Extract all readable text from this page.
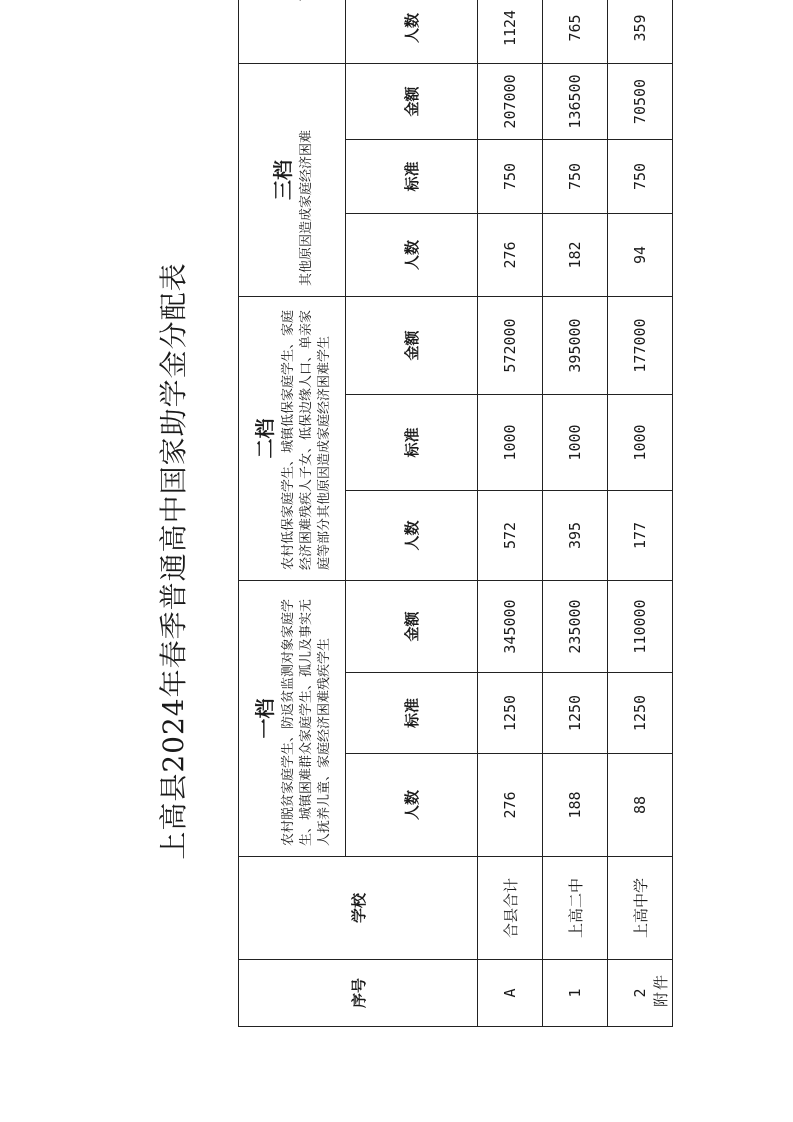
附件
上高县2024年春季普通高中国家助学金分配表
序号	学校	一档 农村脱贫家庭学生、防返贫监测对象家庭学生、城镇困难群众家庭学生、孤儿及事实无人抚养儿童、家庭经济困难残疾学生			二档 农村低保家庭学生、城镇低保家庭学生、家庭经济困难残疾人子女、低保边缘人口、单亲家庭等部分其他原因造成家庭经济困难学生			三档 其他原因造成家庭经济困难

		人数	标准	金额	人数	标准	金额	人数	标准	金额	人数	
A	合县合计	276	1250	345000	572	1000	572000	276	750	207000	1124	
1	上高二中	188	1250	235000	395	1000	395000	182	750	136500	765	
2	上高中学	88	1250	110000	177	1000	177000	94	750	70500	359	
